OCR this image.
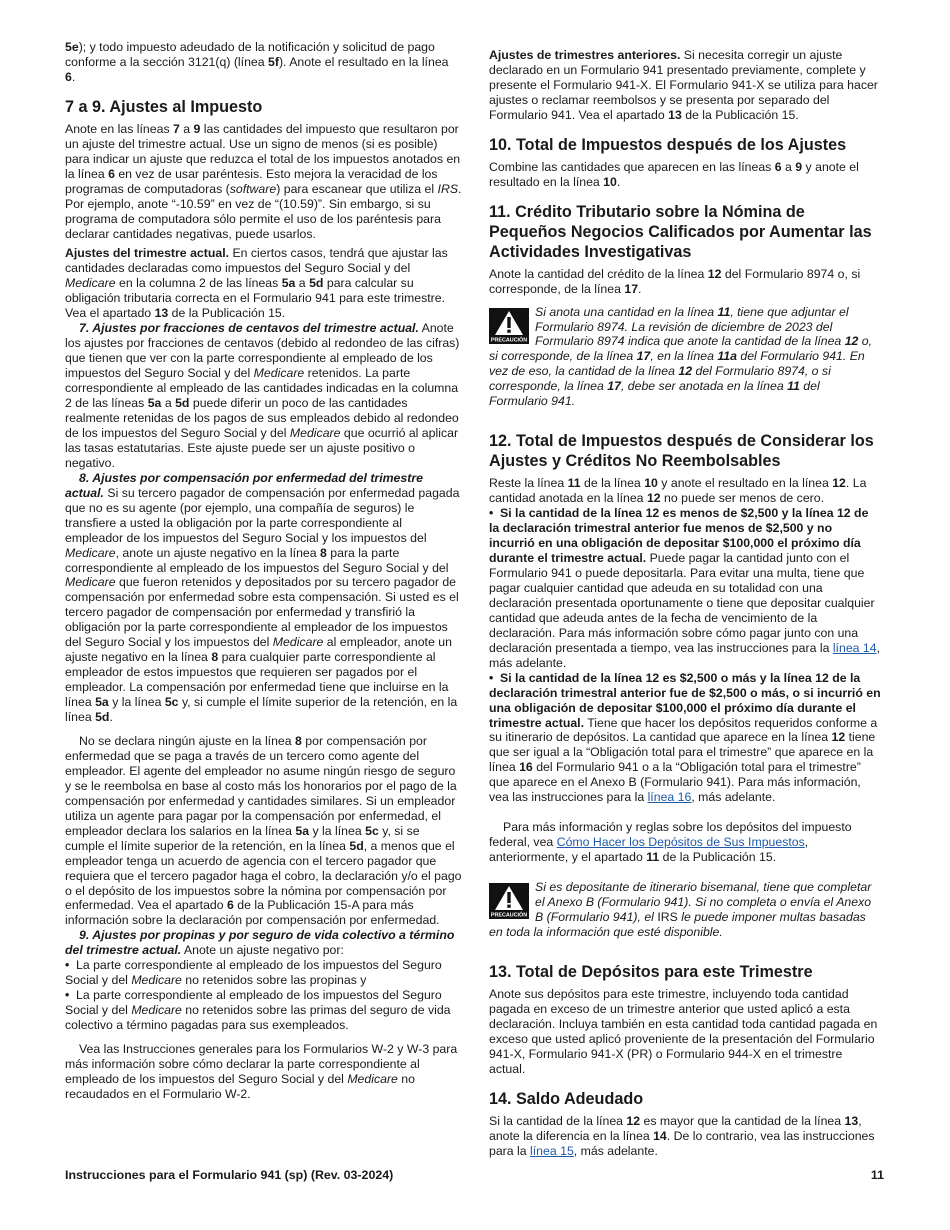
5e); y todo impuesto adeudado de la notificación y solicitud de pago conforme a la sección 3121(q) (línea 5f). Anote el resultado en la línea 6.

7 a 9. Ajustes al Impuesto

Anote en las líneas 7 a 9 las cantidades del impuesto que resultaron por un ajuste del trimestre actual. Use un signo de menos (si es posible) para indicar un ajuste que reduzca el total de los impuestos anotados en la línea 6 en vez de usar paréntesis. Esto mejora la veracidad de los programas de computadoras (software) para escanear que utiliza el IRS. Por ejemplo, anote “-10.59” en vez de “(10.59)”. Sin embargo, si su programa de computadora sólo permite el uso de los paréntesis para declarar cantidades negativas, puede usarlos.

Ajustes del trimestre actual. En ciertos casos, tendrá que ajustar las cantidades declaradas como impuestos del Seguro Social y del Medicare en la columna 2 de las líneas 5a a 5d para calcular su obligación tributaria correcta en el Formulario 941 para este trimestre. Vea el apartado 13 de la Publicación 15.

7. Ajustes por fracciones de centavos del trimestre actual. Anote los ajustes por fracciones de centavos (debido al redondeo de las cifras) que tienen que ver con la parte correspondiente al empleado de los impuestos del Seguro Social y del Medicare retenidos. La parte correspondiente al empleado de las cantidades indicadas en la columna 2 de las líneas 5a a 5d puede diferir un poco de las cantidades realmente retenidas de los pagos de sus empleados debido al redondeo de los impuestos del Seguro Social y del Medicare que ocurrió al aplicar las tasas estatutarias. Este ajuste puede ser un ajuste positivo o negativo.

8. Ajustes por compensación por enfermedad del trimestre actual. Si su tercero pagador de compensación por enfermedad pagada que no es su agente (por ejemplo, una compañía de seguros) le transfiere a usted la obligación por la parte correspondiente al empleador de los impuestos del Seguro Social y los impuestos del Medicare, anote un ajuste negativo en la línea 8 para la parte correspondiente al empleado de los impuestos del Seguro Social y del Medicare que fueron retenidos y depositados por su tercero pagador de compensación por enfermedad sobre esta compensación. Si usted es el tercero pagador de compensación por enfermedad y transfirió la obligación por la parte correspondiente al empleador de los impuestos del Seguro Social y los impuestos del Medicare al empleador, anote un ajuste negativo en la línea 8 para cualquier parte correspondiente al empleador de estos impuestos que requieren ser pagados por el empleador. La compensación por enfermedad tiene que incluirse en la línea 5a y la línea 5c y, si cumple el límite superior de la retención, en la línea 5d.

No se declara ningún ajuste en la línea 8 por compensación por enfermedad que se paga a través de un tercero como agente del empleador. El agente del empleador no asume ningún riesgo de seguro y se le reembolsa en base al costo más los honorarios por el pago de la compensación por enfermedad y cantidades similares. Si un empleador utiliza un agente para pagar por la compensación por enfermedad, el empleador declara los salarios en la línea 5a y la línea 5c y, si se cumple el límite superior de la retención, en la línea 5d, a menos que el empleador tenga un acuerdo de agencia con el tercero pagador que requiera que el tercero pagador haga el cobro, la declaración y/o el pago o el depósito de los impuestos sobre la nómina por compensación por enfermedad. Vea el apartado 6 de la Publicación 15-A para más información sobre la declaración por compensación por enfermedad.

9. Ajustes por propinas y por seguro de vida colectivo a término del trimestre actual. Anote un ajuste negativo por:

• La parte correspondiente al empleado de los impuestos del Seguro Social y del Medicare no retenidos sobre las propinas y

• La parte correspondiente al empleado de los impuestos del Seguro Social y del Medicare no retenidos sobre las primas del seguro de vida colectivo a término pagadas para sus exempleados.

Vea las Instrucciones generales para los Formularios W-2 y W-3 para más información sobre cómo declarar la parte correspondiente al empleado de los impuestos del Seguro Social y del Medicare no recaudados en el Formulario W-2.

Ajustes de trimestres anteriores. Si necesita corregir un ajuste declarado en un Formulario 941 presentado previamente, complete y presente el Formulario 941-X. El Formulario 941-X se utiliza para hacer ajustes o reclamar reembolsos y se presenta por separado del Formulario 941. Vea el apartado 13 de la Publicación 15.

10. Total de Impuestos después de los Ajustes

Combine las cantidades que aparecen en las líneas 6 a 9 y anote el resultado en la línea 10.

11. Crédito Tributario sobre la Nómina de Pequeños Negocios Calificados por Aumentar las Actividades Investigativas

Anote la cantidad del crédito de la línea 12 del Formulario 8974 o, si corresponde, de la línea 17.

PRECAUCIÓN
Si anota una cantidad en la línea 11, tiene que adjuntar el Formulario 8974. La revisión de diciembre de 2023 del Formulario 8974 indica que anote la cantidad de la línea 12 o, si corresponde, de la línea 17, en la línea 11a del Formulario 941. En vez de eso, la cantidad de la línea 12 del Formulario 8974, o si corresponde, la línea 17, debe ser anotada en la línea 11 del Formulario 941.
12. Total de Impuestos después de Considerar los Ajustes y Créditos No Reembolsables

Reste la línea 11 de la línea 10 y anote el resultado en la línea 12. La cantidad anotada en la línea 12 no puede ser menos de cero.

• Si la cantidad de la línea 12 es menos de $2,500 y la línea 12 de la declaración trimestral anterior fue menos de $2,500 y no incurrió en una obligación de depositar $100,000 el próximo día durante el trimestre actual. Puede pagar la cantidad junto con el Formulario 941 o puede depositarla. Para evitar una multa, tiene que pagar cualquier cantidad que adeuda en su totalidad con una declaración presentada oportunamente o tiene que depositar cualquier cantidad que adeuda antes de la fecha de vencimiento de la declaración. Para más información sobre cómo pagar junto con una declaración presentada a tiempo, vea las instrucciones para la línea 14, más adelante.

• Si la cantidad de la línea 12 es $2,500 o más y la línea 12 de la declaración trimestral anterior fue de $2,500 o más, o si incurrió en una obligación de depositar $100,000 el próximo día durante el trimestre actual. Tiene que hacer los depósitos requeridos conforme a su itinerario de depósitos. La cantidad que aparece en la línea 12 tiene que ser igual a la “Obligación total para el trimestre” que aparece en la línea 16 del Formulario 941 o a la “Obligación total para el trimestre” que aparece en el Anexo B (Formulario 941). Para más información, vea las instrucciones para la línea 16, más adelante.

Para más información y reglas sobre los depósitos del impuesto federal, vea Cómo Hacer los Depósitos de Sus Impuestos, anteriormente, y el apartado 11 de la Publicación 15.

PRECAUCIÓN
Si es depositante de itinerario bisemanal, tiene que completar el Anexo B (Formulario 941). Si no completa o envía el Anexo B (Formulario 941), el IRS le puede imponer multas basadas en toda la información que esté disponible.
13. Total de Depósitos para este Trimestre

Anote sus depósitos para este trimestre, incluyendo toda cantidad pagada en exceso de un trimestre anterior que usted aplicó a esta declaración. Incluya también en esta cantidad toda cantidad pagada en exceso que usted aplicó proveniente de la presentación del Formulario 941-X, Formulario 941-X (PR) o Formulario 944-X en el trimestre actual.

14. Saldo Adeudado

Si la cantidad de la línea 12 es mayor que la cantidad de la línea 13, anote la diferencia en la línea 14. De lo contrario, vea las instrucciones para la línea 15, más adelante.

Instrucciones para el Formulario 941 (sp) (Rev. 03-2024)	11
